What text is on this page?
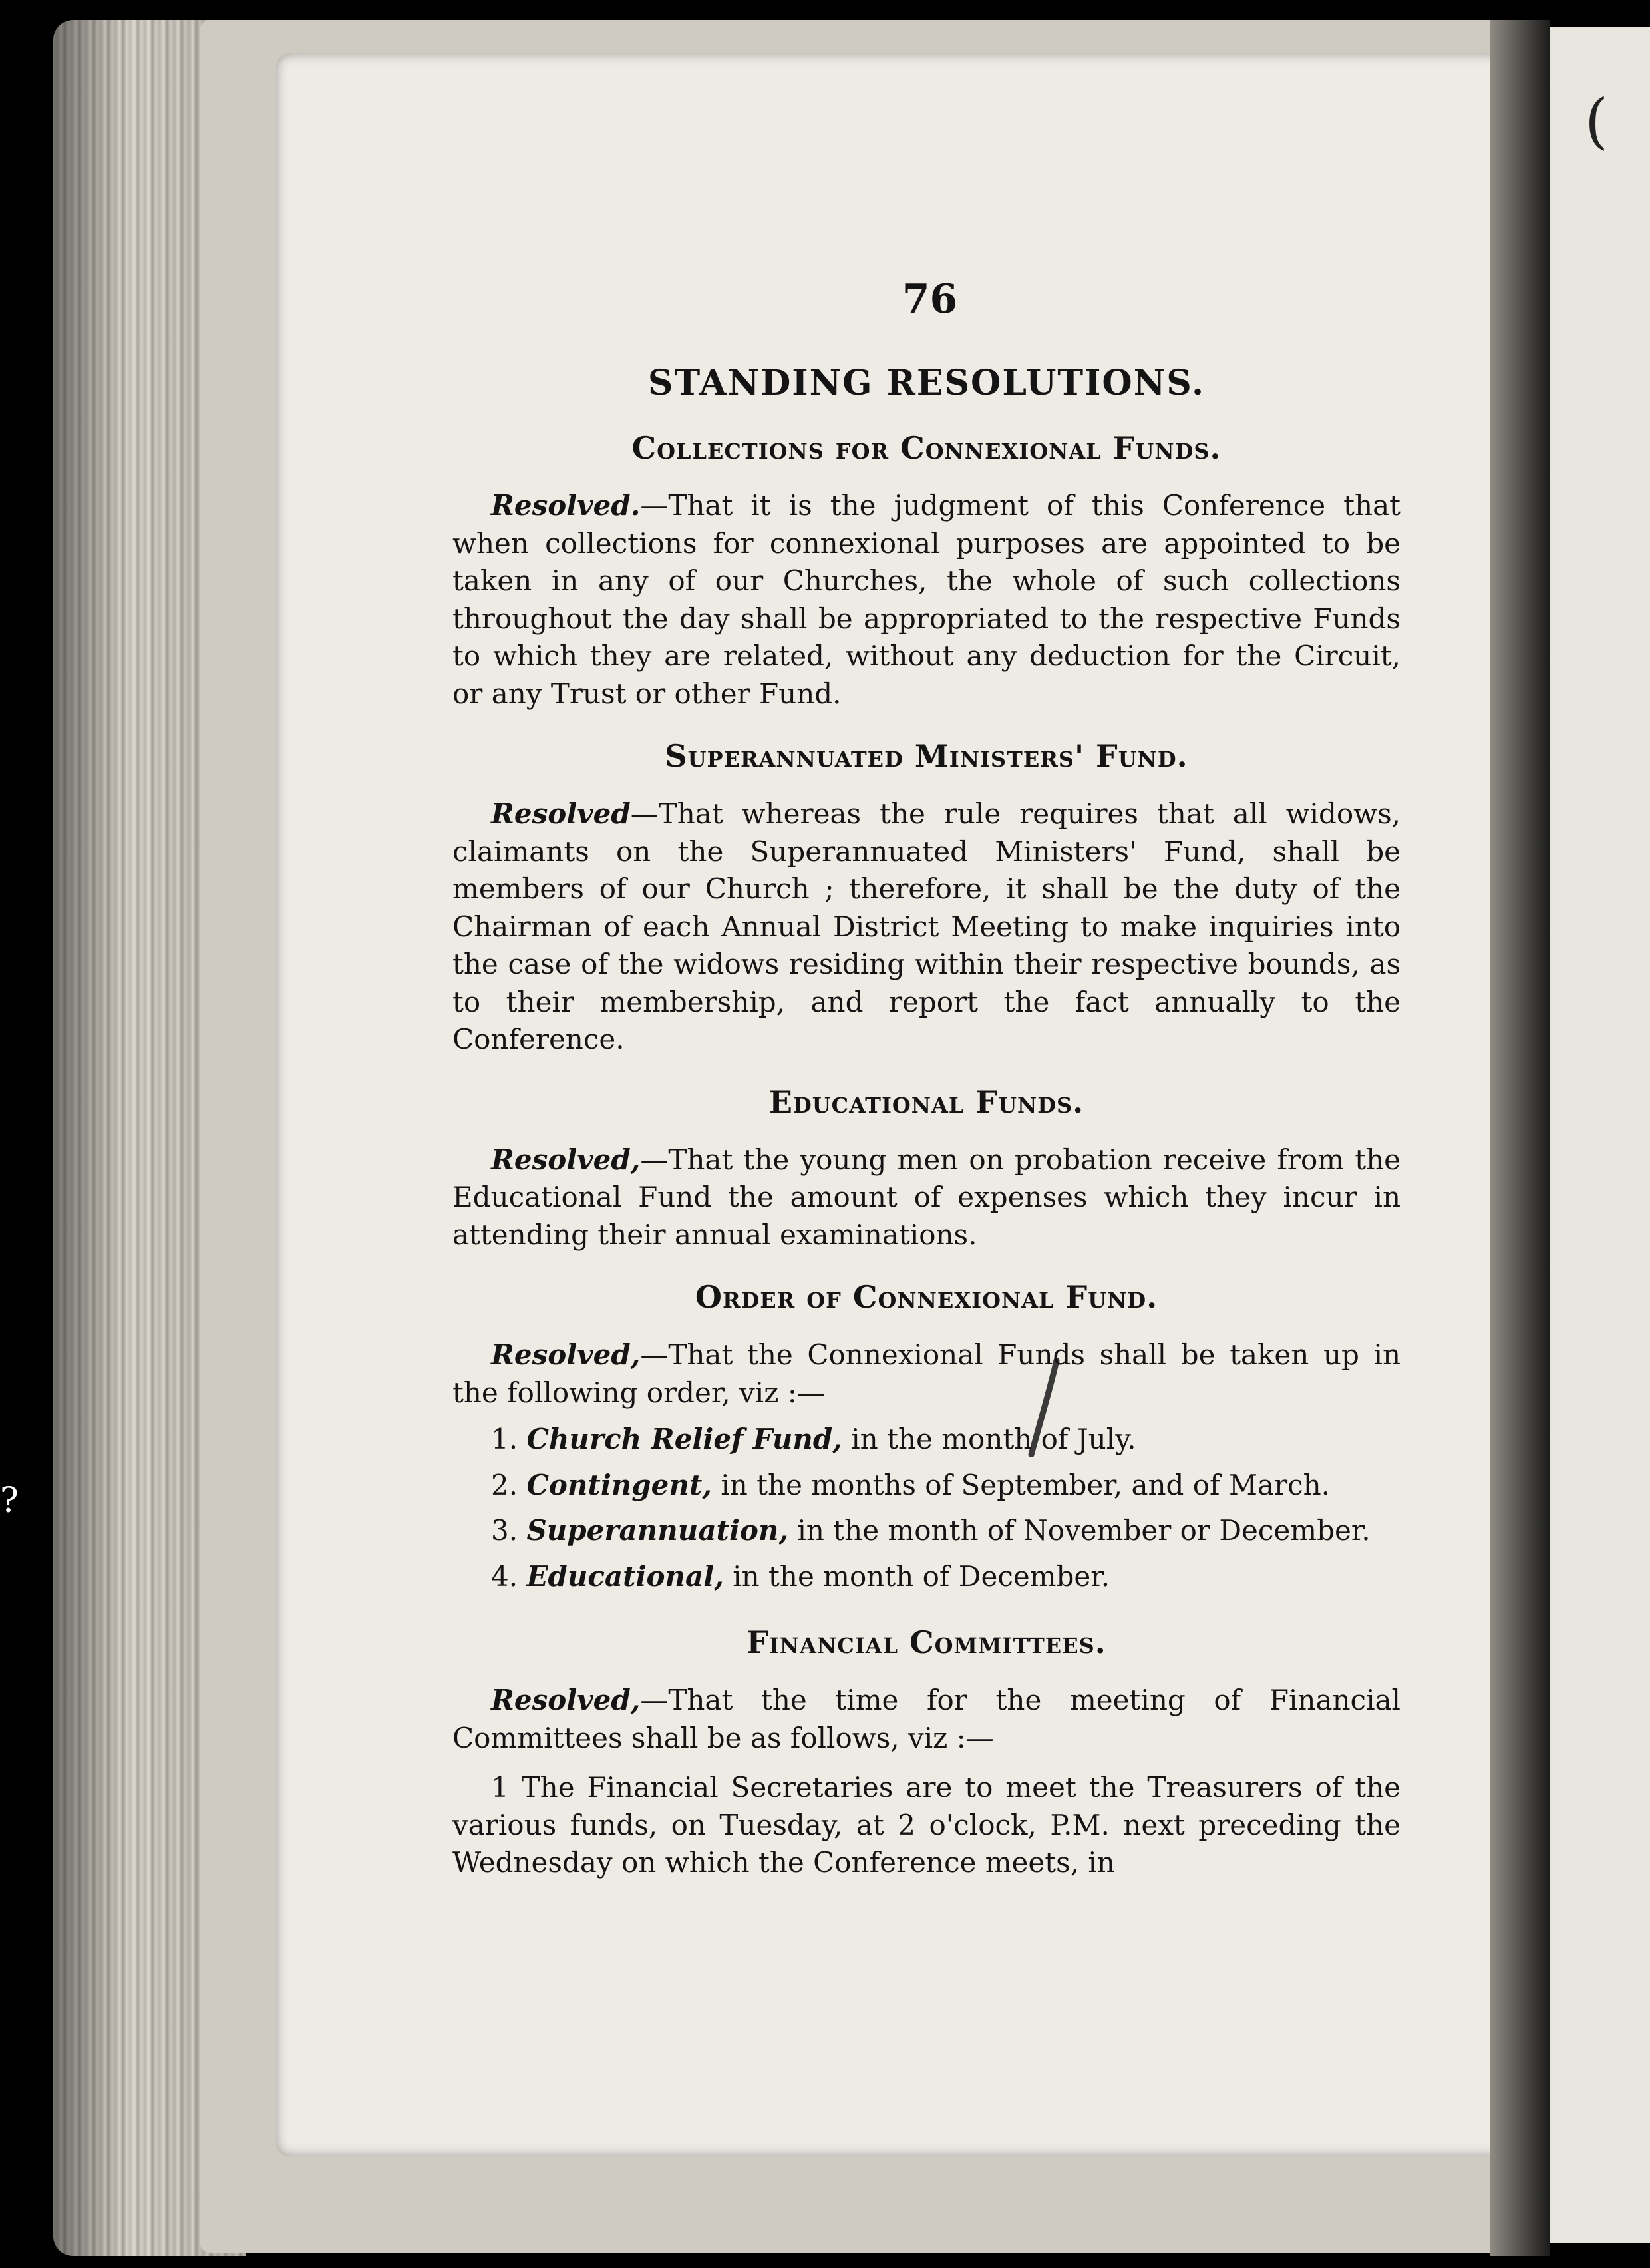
(
?
76
STANDING RESOLUTIONS.
Collections for Connexional Funds.

Resolved.—That it is the judgment of this Conference that when collections for connexional purposes are appointed to be taken in any of our Churches, the whole of such collections throughout the day shall be appropriated to the respective Funds to which they are related, without any deduction for the Circuit, or any Trust or other Fund.

Superannuated Ministers' Fund.

Resolved—That whereas the rule requires that all widows, claimants on the Superannuated Ministers' Fund, shall be members of our Church ; therefore, it shall be the duty of the Chairman of each Annual District Meeting to make inquiries into the case of the widows residing within their respective bounds, as to their membership, and report the fact annually to the Conference.

Educational Funds.

Resolved,—That the young men on probation receive from the Educational Fund the amount of expenses which they incur in attending their annual examinations.

Order of Connexional Fund.

Resolved,—That the Connexional Funds shall be taken up in the following order, viz :—

1. Church Relief Fund, in the month of July.
2. Contingent, in the months of September, and of March.
3. Superannuation, in the month of November or December.
4. Educational, in the month of December.
Financial Committees.

Resolved,—That the time for the meeting of Financial Committees shall be as follows, viz :—

1 The Financial Secretaries are to meet the Treasurers of the various funds, on Tuesday, at 2 o'clock, P.M. next preceding the Wednesday on which the Conference meets, in
